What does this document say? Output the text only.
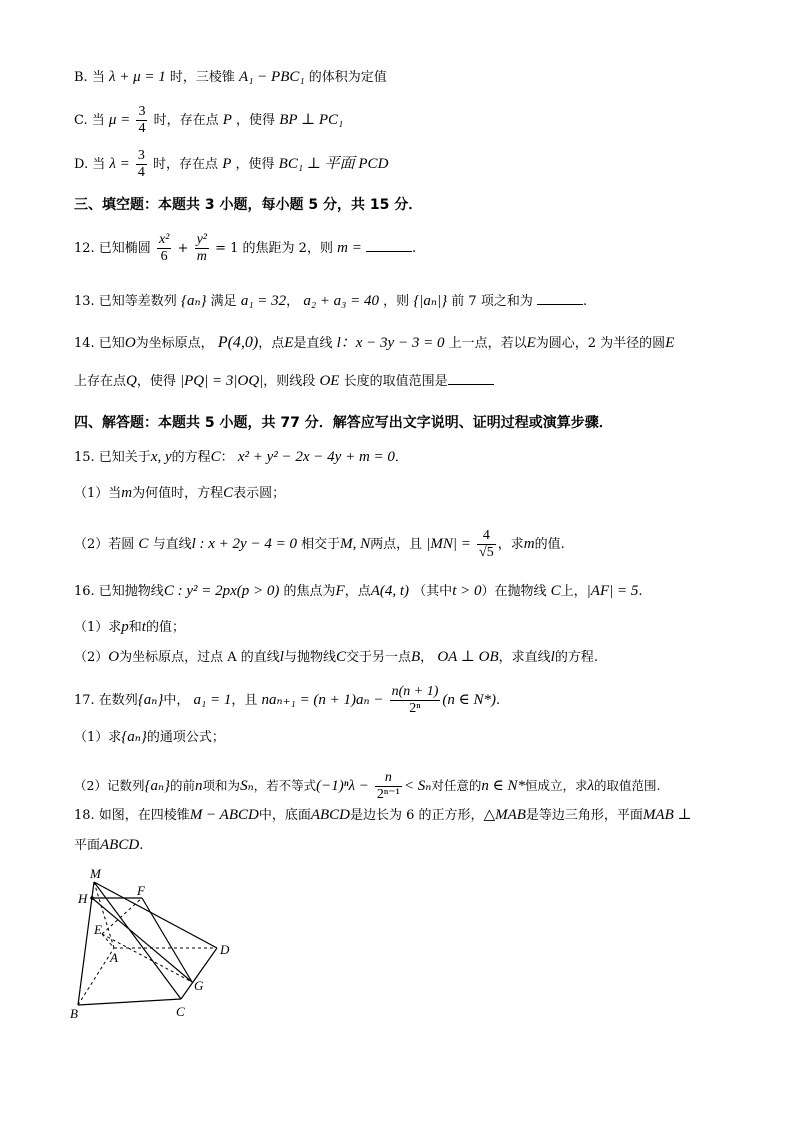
B. 当 λ + μ = 1 时，三棱锥 A₁ − PBC₁ 的体积为定值
C. 当 $\mu = \frac{3}{4}$ 时，存在点 P ，使得 BP ⊥ PC₁
D. 当 $\lambda = \frac{3}{4}$ 时，存在点 P ，使得 BC₁ ⊥ 平面 PCD
三、填空题：本题共 3 小题，每小题 5 分，共 15 分．
12. 已知椭圆 $\frac{\text{x²}}{6} + \frac{\text{y²}}{m} = 1$ 的焦距为 2，则 m =	.
13. 已知等差数列 {aₙ} 满足 a₁ = 32， a₂ + a₃ = 40 ，则 {|aₙ|} 前 7 项之和为	.
14. 已知O为坐标原点， P(4,0)，点E是直线 l：x − 3y − 3 = 0 上一点，若以E为圆心，2 为半径的圆E
上存在点Q，使得 |PQ| = 3|OQ|，则线段 OE 长度的取值范围是
四、解答题：本题共 5 小题，共 77 分．解答应写出文字说明、证明过程或演算步骤．
15. 已知关于x, y的方程C： x² + y² − 2x − 4y + m = 0．
（1）当m为何值时，方程C表示圆；
（2）若圆 C 与直线l : x + 2y − 4 = 0 相交于M, N两点，且 $|MN| = \frac{4}{√5}$ ，求m的值.
16. 已知抛物线C : y² = 2px(p > 0) 的焦点为F，点A(4, t) （其中t > 0）在抛物线 C上，|AF| = 5.
（1）求p和t的值；
（2）O为坐标原点，过点 A 的直线l与抛物线C交于另一点B， OA ⊥ OB，求直线l的方程.
17. 在数列{aₙ}中， a₁ = 1，且 $na_{n+1} = (n + 1)a_n - \frac{n(n + 1)}{\text{2ⁿ}} (n$ ∈ N*).
（1）求{aₙ}的通项公式；
（2）记数列{aₙ}的前n项和为Sₙ，若不等式$(-1)^n\lambda - \frac{n}{\text{2ⁿ⁻¹}} < S_n$对任意的n ∈ N*恒成立，求λ的取值范围.
18. 如图，在四棱锥M − ABCD中，底面ABCD是边长为 6 的正方形，△MAB是等边三角形，平面MAB ⊥
平面ABCD.
M
H
F
E
A
D
G
B	C
